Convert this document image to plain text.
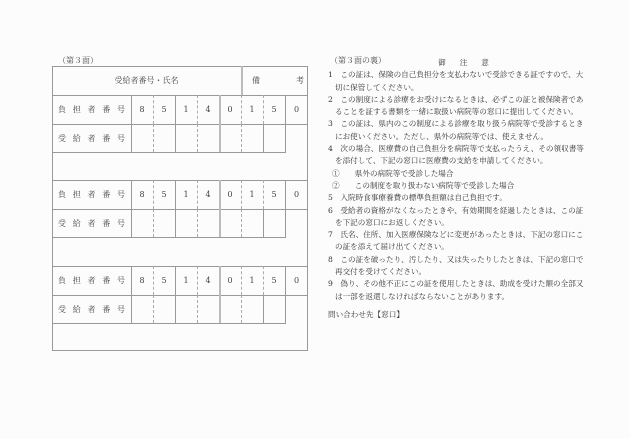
（第３面）
受給者番号・氏名	備	考
負 担 者 番 号	8	5	1	4	0	1	5	0
受 給 者 番 号
負 担 者 番 号	8	5	1	4	0	1	5	0
受 給 者 番 号
負 担 者 番 号	8	5	1	4	0	1	5	0
受 給 者 番 号
（第３面の裏）	御注意
1　この証は、保険の自己負担分を支払わないで受診できる証ですので、大
切に保管してください。
2　この制度による診療をお受けになるときは、必ずこの証と被保険者であ
ることを証する書類を一緒に取扱い病院等の窓口に提出してください。
3　この証は、県内のこの制度による診療を取り扱う病院等で受診するとき
にお使いください。ただし、県外の病院等では、使えません。
4　次の場合、医療費の自己負担分を病院等で支払ったうえ、その領収書等
を添付して、下記の窓口に医療費の支給を申請してください。
①　　県外の病院等で受診した場合
②　　この制度を取り扱わない病院等で受診した場合
5　入院時食事療養費の標準負担額は自己負担です。
6　受給者の資格がなくなったときや、有効期間を経過したときは、この証
を下記の窓口にお返しください。
7　氏名、住所、加入医療保険などに変更があったときは、下記の窓口にこ
の証を添えて届け出てください。
8　この証を破ったり、汚したり、又は失ったりしたときは、下記の窓口で
再交付を受けてください。
9　偽り、その他不正にこの証を使用したときは、助成を受けた額の全部又
は一部を返還しなければならないことがあります。
問い合わせ先【窓口】
